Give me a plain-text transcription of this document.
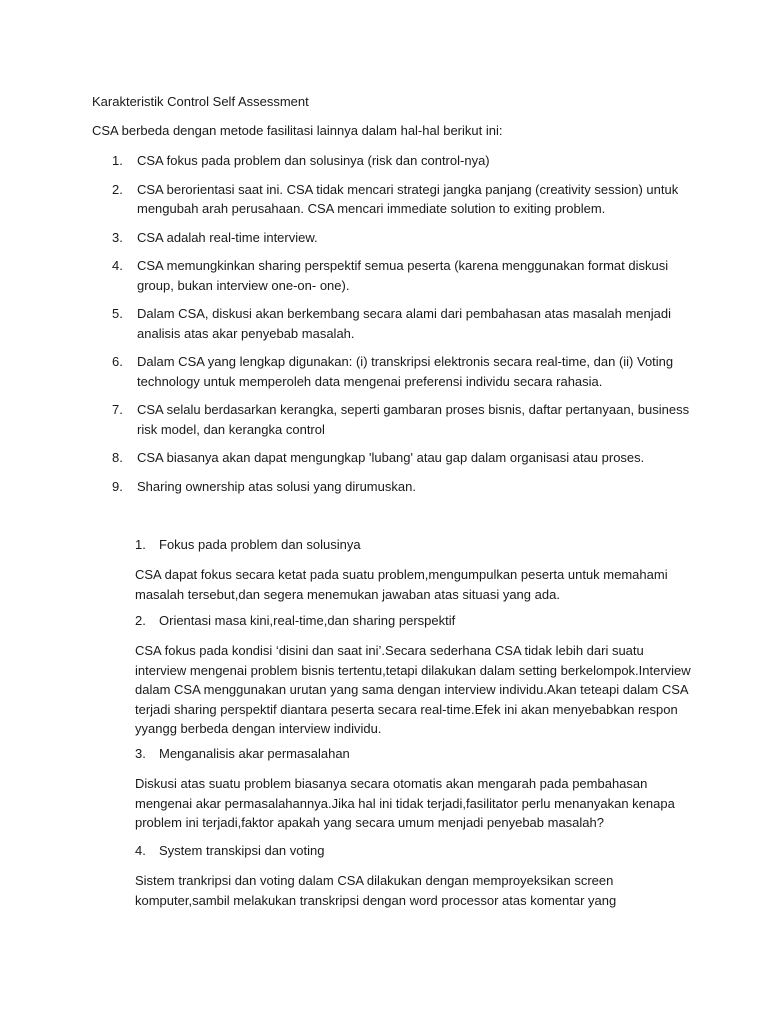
Karakteristik Control Self Assessment
CSA berbeda dengan metode fasilitasi lainnya dalam hal-hal berikut ini:
1. CSA fokus pada problem dan solusinya (risk dan control-nya)
2. CSA berorientasi saat ini. CSA tidak mencari strategi jangka panjang (creativity session) untuk mengubah arah perusahaan. CSA mencari immediate solution to exiting problem.
3. CSA adalah real-time interview.
4. CSA memungkinkan sharing perspektif semua peserta (karena menggunakan format diskusi group, bukan interview one-on- one).
5. Dalam CSA, diskusi akan berkembang secara alami dari pembahasan atas masalah menjadi analisis atas akar penyebab masalah.
6. Dalam CSA yang lengkap digunakan: (i) transkripsi elektronis secara real-time, dan (ii) Voting technology untuk memperoleh data mengenai preferensi individu secara rahasia.
7. CSA selalu berdasarkan kerangka, seperti gambaran proses bisnis, daftar pertanyaan, business risk model, dan kerangka control
8. CSA biasanya akan dapat mengungkap 'lubang' atau gap dalam organisasi atau proses.
9. Sharing ownership atas solusi yang dirumuskan.
1. Fokus pada problem dan solusinya
CSA dapat fokus secara ketat pada suatu problem,mengumpulkan peserta untuk memahami masalah tersebut,dan segera menemukan jawaban atas situasi yang ada.
2. Orientasi masa kini,real-time,dan sharing perspektif
CSA fokus pada kondisi ‘disini dan saat ini’.Secara sederhana CSA tidak lebih dari suatu interview mengenai problem bisnis tertentu,tetapi dilakukan dalam setting berkelompok.Interview dalam CSA menggunakan urutan yang sama dengan interview individu.Akan teteapi dalam CSA terjadi sharing perspektif diantara peserta secara real-time.Efek ini akan menyebabkan respon yyangg berbeda dengan interview individu.
3. Menganalisis akar permasalahan
Diskusi atas suatu problem biasanya secara otomatis akan mengarah pada pembahasan mengenai akar permasalahannya.Jika hal ini tidak terjadi,fasilitator perlu menanyakan kenapa problem ini terjadi,faktor apakah yang secara umum menjadi penyebab masalah?
4. System transkipsi dan voting
Sistem trankripsi dan voting dalam CSA dilakukan dengan memproyeksikan screen komputer,sambil melakukan transkripsi dengan word processor atas komentar yang
